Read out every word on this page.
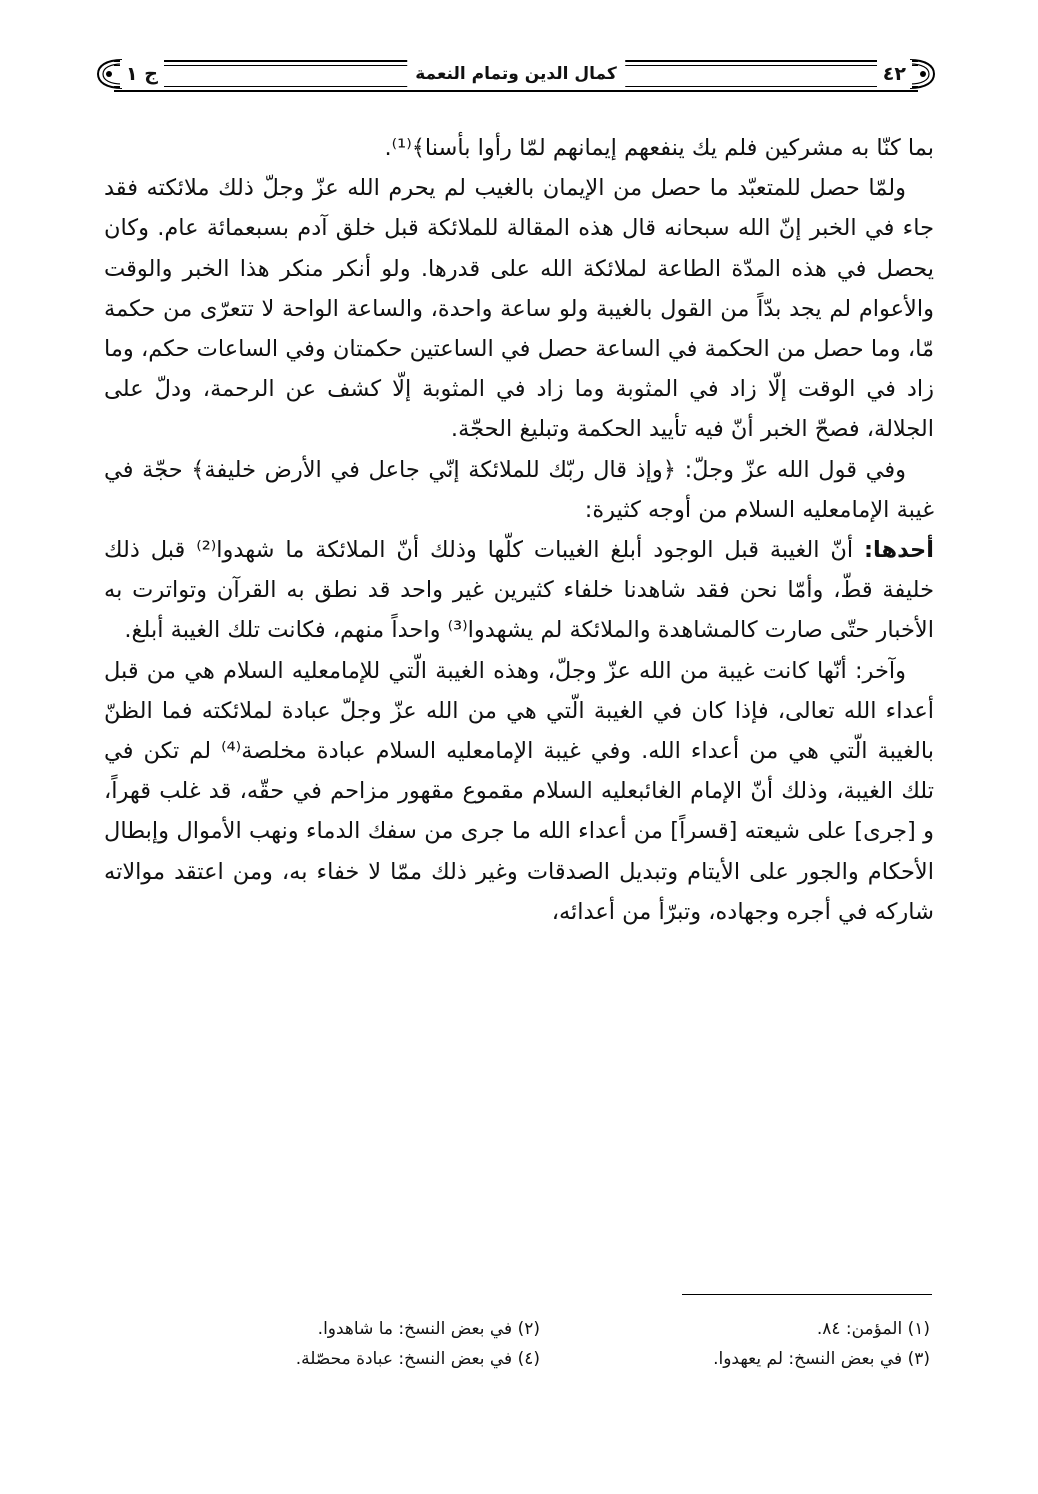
٤٢
كمال الدين وتمام النعمة
ج ١

بما كنّا به مشركين فلم يك ينفعهم إيمانهم لمّا رأوا بأسنا﴾⁽¹⁾.

ولمّا حصل للمتعبّد ما حصل من الإيمان بالغيب لم يحرم الله عزّ وجلّ ذلك ملائكته فقد جاء في الخبر إنّ الله سبحانه قال هذه المقالة للملائكة قبل خلق آدم بسبعمائة عام. وكان يحصل في هذه المدّة الطاعة لملائكة الله على قدرها. ولو أنكر منكر هذا الخبر والوقت والأعوام لم يجد بدّاً من القول بالغيبة ولو ساعة واحدة، والساعة الواحة لا تتعرّى من حكمة مّا، وما حصل من الحكمة في الساعة حصل في الساعتين حكمتان وفي الساعات حكم، وما زاد في الوقت إلّا زاد في المثوبة وما زاد في المثوبة إلّا كشف عن الرحمة، ودلّ على الجلالة، فصحّ الخبر أنّ فيه تأييد الحكمة وتبليغ الحجّة.

وفي قول الله عزّ وجلّ: ﴿وإذ قال ربّك للملائكة إنّي جاعل في الأرض خليفة﴾ حجّة في غيبة الإمامعليه السلام من أوجه كثيرة:

أحدها: أنّ الغيبة قبل الوجود أبلغ الغيبات كلّها وذلك أنّ الملائكة ما شهدوا⁽²⁾ قبل ذلك خليفة قطّ، وأمّا نحن فقد شاهدنا خلفاء كثيرين غير واحد قد نطق به القرآن وتواترت به الأخبار حتّى صارت كالمشاهدة والملائكة لم يشهدوا⁽³⁾ واحداً منهم، فكانت تلك الغيبة أبلغ.

وآخر: أنّها كانت غيبة من الله عزّ وجلّ، وهذه الغيبة الّتي للإمامعليه السلام هي من قبل أعداء الله تعالى، فإذا كان في الغيبة الّتي هي من الله عزّ وجلّ عبادة لملائكته فما الظنّ بالغيبة الّتي هي من أعداء الله. وفي غيبة الإمامعليه السلام عبادة مخلصة⁽⁴⁾ لم تكن في تلك الغيبة، وذلك أنّ الإمام الغائبعليه السلام مقموع مقهور مزاحم في حقّه، قد غلب قهراً، و [جرى] على شيعته [قسراً] من أعداء الله ما جرى من سفك الدماء ونهب الأموال وإبطال الأحكام والجور على الأيتام وتبديل الصدقات وغير ذلك ممّا لا خفاء به، ومن اعتقد موالاته شاركه في أجره وجهاده، وتبرّأ من أعدائه،

(١) المؤمن: ٨٤.
(٢) في بعض النسخ: ما شاهدوا.
(٣) في بعض النسخ: لم يعهدوا.
(٤) في بعض النسخ: عبادة محصّلة.
